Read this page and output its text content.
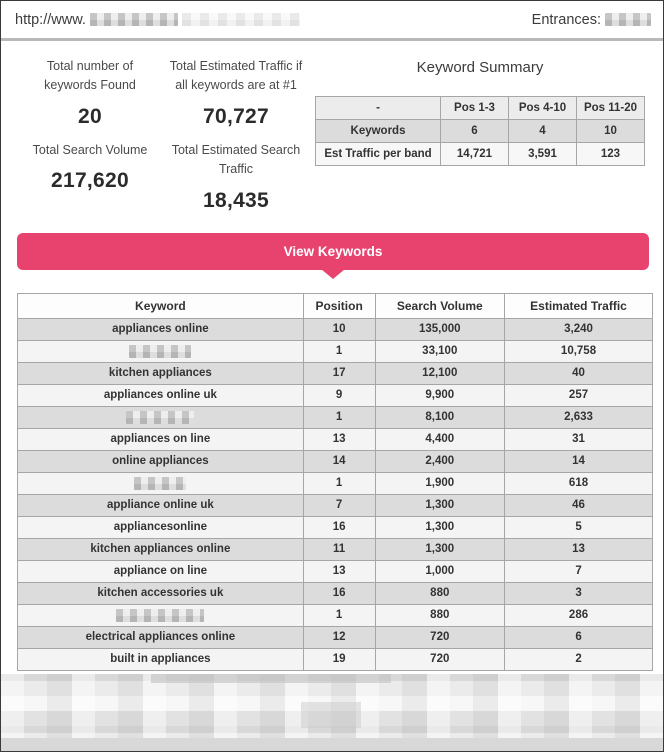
http://www.	Entrances:
Total number of keywords Found
20
Total Search Volume
217,620
Total Estimated Traffic if all keywords are at #1
70,727
Total Estimated Search Traffic
18,435
Keyword Summary
-	Pos 1-3	Pos 4-10	Pos 11-20
Keywords	6	4	10
Est Traffic per band	14,721	3,591	123
View Keywords
Keyword	Position	Search Volume	Estimated Traffic
appliances online	10	135,000	3,240
	1	33,100	10,758
kitchen appliances	17	12,100	40
appliances online uk	9	9,900	257
	1	8,100	2,633
appliances on line	13	4,400	31
online appliances	14	2,400	14
	1	1,900	618
appliance online uk	7	1,300	46
appliancesonline	16	1,300	5
kitchen appliances online	11	1,300	13
appliance on line	13	1,000	7
kitchen accessories uk	16	880	3
	1	880	286
electrical appliances online	12	720	6
built in appliances	19	720	2
